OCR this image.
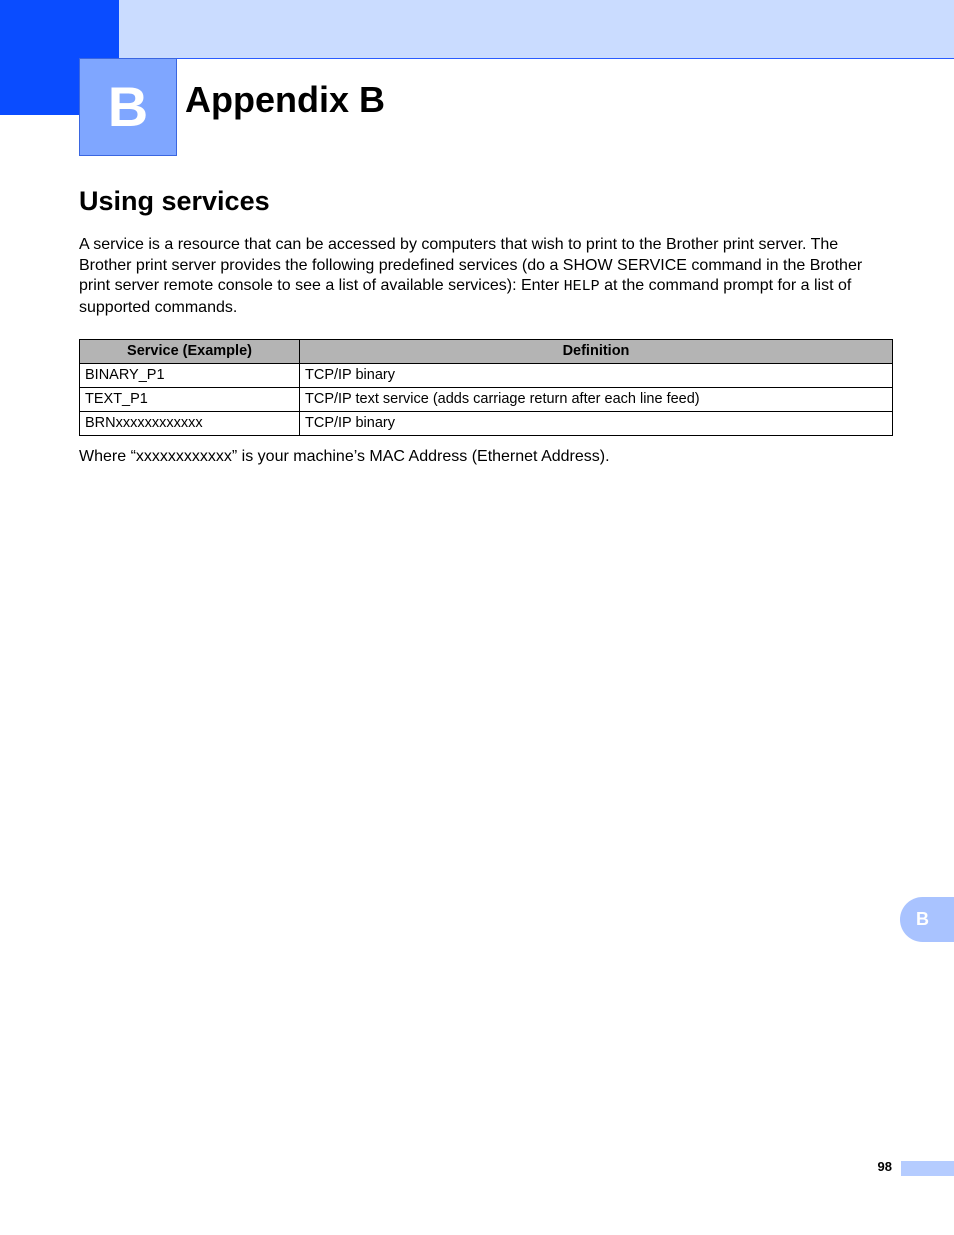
B Appendix B
Using services

A service is a resource that can be accessed by computers that wish to print to the Brother print server. The Brother print server provides the following predefined services (do a SHOW SERVICE command in the Brother print server remote console to see a list of available services): Enter HELP at the command prompt for a list of supported commands.

Service (Example)	Definition
BINARY_P1	TCP/IP binary
TEXT_P1	TCP/IP text service (adds carriage return after each line feed)
BRNxxxxxxxxxxxx	TCP/IP binary

Where “xxxxxxxxxxxx” is your machine’s MAC Address (Ethernet Address).

B
98
